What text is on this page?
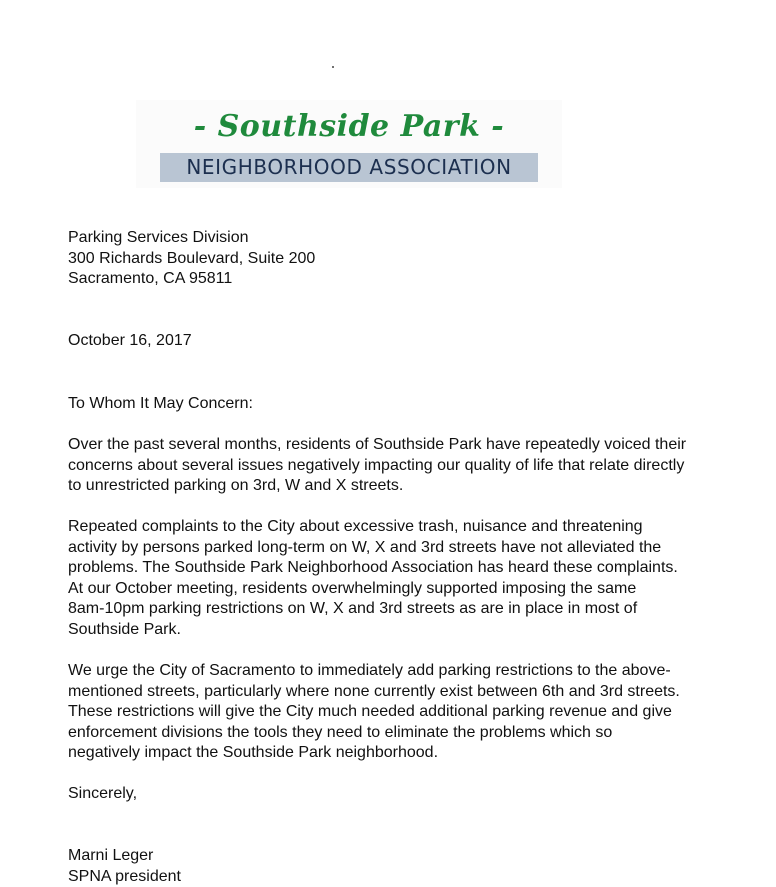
- Southside Park -
NEIGHBORHOOD ASSOCIATION
Parking Services Division
300 Richards Boulevard, Suite 200
Sacramento, CA 95811
October 16, 2017
To Whom It May Concern:
Over the past several months, residents of Southside Park have repeatedly voiced their
concerns about several issues negatively impacting our quality of life that relate directly
to unrestricted parking on 3rd, W and X streets.
Repeated complaints to the City about excessive trash, nuisance and threatening
activity by persons parked long-term on W, X and 3rd streets have not alleviated the
problems. The Southside Park Neighborhood Association has heard these complaints.
At our October meeting, residents overwhelmingly supported imposing the same
8am-10pm parking restrictions on W, X and 3rd streets as are in place in most of
Southside Park.
We urge the City of Sacramento to immediately add parking restrictions to the above-
mentioned streets, particularly where none currently exist between 6th and 3rd streets.
These restrictions will give the City much needed additional parking revenue and give
enforcement divisions the tools they need to eliminate the problems which so
negatively impact the Southside Park neighborhood.
Sincerely,
Marni Leger
SPNA president
